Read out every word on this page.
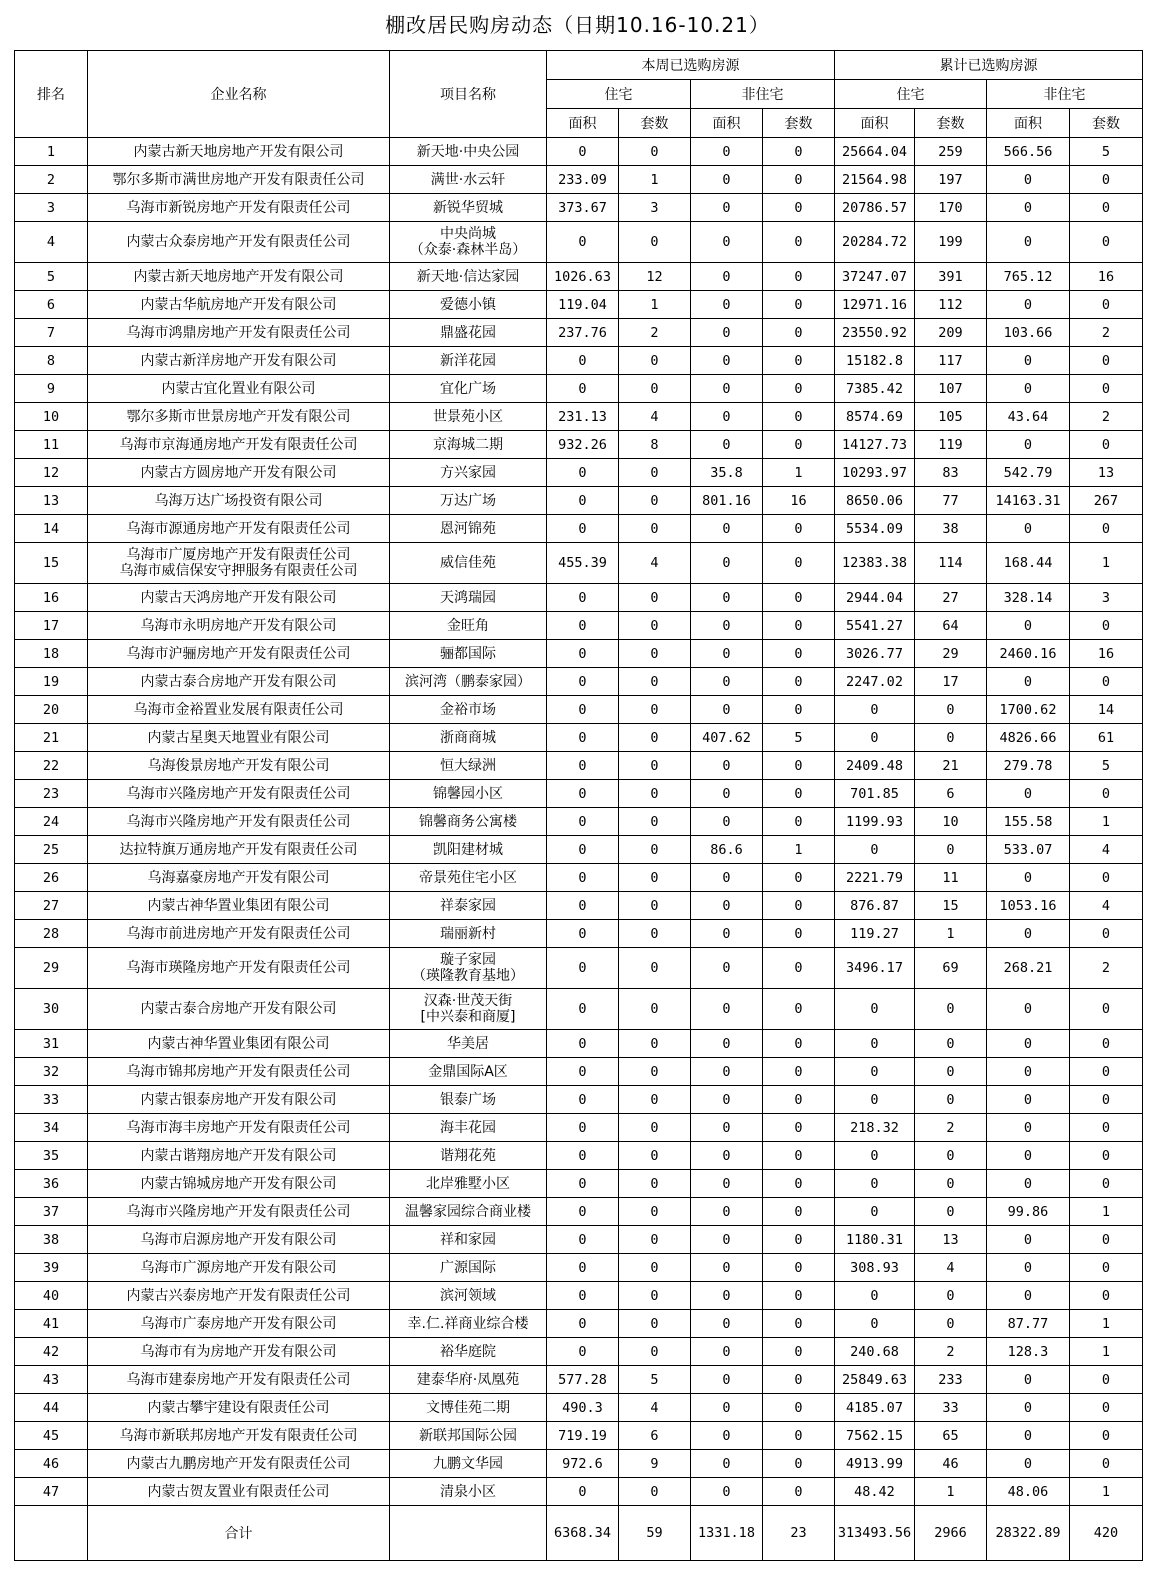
棚改居民购房动态（日期10.16-10.21）
排名	企业名称	项目名称	本周已选购房源				累计已选购房源			
			住宅		非住宅		住宅		非住宅	
			面积	套数	面积	套数	面积	套数	面积	套数
1	内蒙古新天地房地产开发有限公司	新天地·中央公园	0	0	0	0	25664.04	259	566.56	5
2	鄂尔多斯市满世房地产开发有限责任公司	满世·水云轩	233.09	1	0	0	21564.98	197	0	0
3	乌海市新锐房地产开发有限责任公司	新锐华贸城	373.67	3	0	0	20786.57	170	0	0
4	内蒙古众泰房地产开发有限责任公司	中央尚城
（众泰·森林半岛）	0	0	0	0	20284.72	199	0	0
5	内蒙古新天地房地产开发有限公司	新天地·信达家园	1026.63	12	0	0	37247.07	391	765.12	16
6	内蒙古华航房地产开发有限公司	爱德小镇	119.04	1	0	0	12971.16	112	0	0
7	乌海市鸿鼎房地产开发有限责任公司	鼎盛花园	237.76	2	0	0	23550.92	209	103.66	2
8	内蒙古新洋房地产开发有限公司	新洋花园	0	0	0	0	15182.8	117	0	0
9	内蒙古宜化置业有限公司	宜化广场	0	0	0	0	7385.42	107	0	0
10	鄂尔多斯市世景房地产开发有限公司	世景苑小区	231.13	4	0	0	8574.69	105	43.64	2
11	乌海市京海通房地产开发有限责任公司	京海城二期	932.26	8	0	0	14127.73	119	0	0
12	内蒙古方圆房地产开发有限公司	方兴家园	0	0	35.8	1	10293.97	83	542.79	13
13	乌海万达广场投资有限公司	万达广场	0	0	801.16	16	8650.06	77	14163.31	267
14	乌海市源通房地产开发有限责任公司	恩河锦苑	0	0	0	0	5534.09	38	0	0
15	乌海市广厦房地产开发有限责任公司
乌海市威信保安守押服务有限责任公司	威信佳苑	455.39	4	0	0	12383.38	114	168.44	1
16	内蒙古天鸿房地产开发有限公司	天鸿瑞园	0	0	0	0	2944.04	27	328.14	3
17	乌海市永明房地产开发有限公司	金旺角	0	0	0	0	5541.27	64	0	0
18	乌海市沪骊房地产开发有限责任公司	骊都国际	0	0	0	0	3026.77	29	2460.16	16
19	内蒙古泰合房地产开发有限公司	滨河湾（鹏泰家园）	0	0	0	0	2247.02	17	0	0
20	乌海市金裕置业发展有限责任公司	金裕市场	0	0	0	0	0	0	1700.62	14
21	内蒙古星奥天地置业有限公司	浙商商城	0	0	407.62	5	0	0	4826.66	61
22	乌海俊景房地产开发有限公司	恒大绿洲	0	0	0	0	2409.48	21	279.78	5
23	乌海市兴隆房地产开发有限责任公司	锦馨园小区	0	0	0	0	701.85	6	0	0
24	乌海市兴隆房地产开发有限责任公司	锦馨商务公寓楼	0	0	0	0	1199.93	10	155.58	1
25	达拉特旗万通房地产开发有限责任公司	凯阳建材城	0	0	86.6	1	0	0	533.07	4
26	乌海嘉豪房地产开发有限公司	帝景苑住宅小区	0	0	0	0	2221.79	11	0	0
27	内蒙古神华置业集团有限公司	祥泰家园	0	0	0	0	876.87	15	1053.16	4
28	乌海市前进房地产开发有限责任公司	瑞丽新村	0	0	0	0	119.27	1	0	0
29	乌海市瑛隆房地产开发有限责任公司	璇子家园
（瑛隆教育基地）	0	0	0	0	3496.17	69	268.21	2
30	内蒙古泰合房地产开发有限公司	汉森·世茂天街
[中兴泰和商厦]	0	0	0	0	0	0	0	0
31	内蒙古神华置业集团有限公司	华美居	0	0	0	0	0	0	0	0
32	乌海市锦邦房地产开发有限责任公司	金鼎国际A区	0	0	0	0	0	0	0	0
33	内蒙古银泰房地产开发有限公司	银泰广场	0	0	0	0	0	0	0	0
34	乌海市海丰房地产开发有限责任公司	海丰花园	0	0	0	0	218.32	2	0	0
35	内蒙古谐翔房地产开发有限公司	谐翔花苑	0	0	0	0	0	0	0	0
36	内蒙古锦城房地产开发有限公司	北岸雅墅小区	0	0	0	0	0	0	0	0
37	乌海市兴隆房地产开发有限责任公司	温馨家园综合商业楼	0	0	0	0	0	0	99.86	1
38	乌海市启源房地产开发有限公司	祥和家园	0	0	0	0	1180.31	13	0	0
39	乌海市广源房地产开发有限公司	广源国际	0	0	0	0	308.93	4	0	0
40	内蒙古兴泰房地产开发有限责任公司	滨河领域	0	0	0	0	0	0	0	0
41	乌海市广泰房地产开发有限公司	幸.仁.祥商业综合楼	0	0	0	0	0	0	87.77	1
42	乌海市有为房地产开发有限公司	裕华庭院	0	0	0	0	240.68	2	128.3	1
43	乌海市建泰房地产开发有限责任公司	建泰华府·凤凰苑	577.28	5	0	0	25849.63	233	0	0
44	内蒙古攀宇建设有限责任公司	文博佳苑二期	490.3	4	0	0	4185.07	33	0	0
45	乌海市新联邦房地产开发有限责任公司	新联邦国际公园	719.19	6	0	0	7562.15	65	0	0
46	内蒙古九鹏房地产开发有限责任公司	九鹏文华园	972.6	9	0	0	4913.99	46	0	0
47	内蒙古贺友置业有限责任公司	清泉小区	0	0	0	0	48.42	1	48.06	1
	合计		6368.34	59	1331.18	23	313493.56	2966	28322.89	420
